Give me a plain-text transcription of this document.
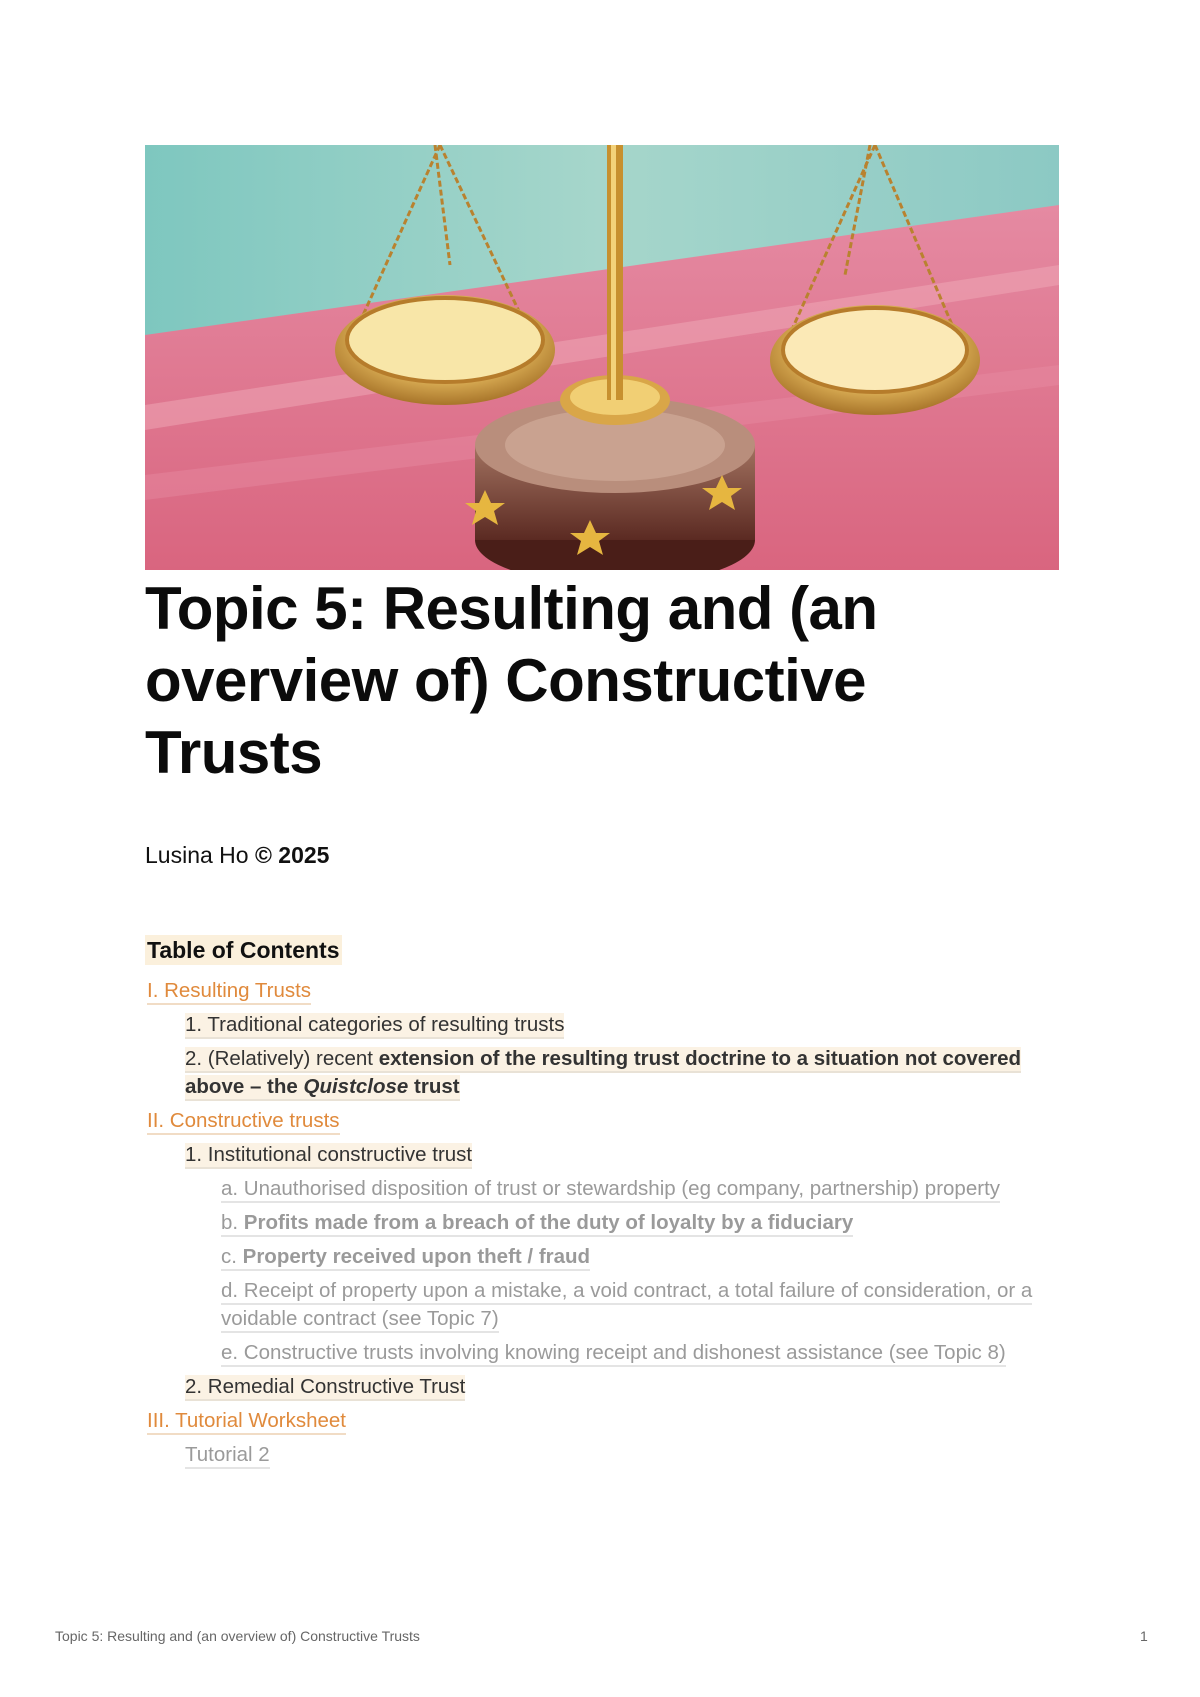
Topic 5: Resulting and (an overview of) Constructive Trusts
Lusina Ho © 2025
Table of Contents
I. Resulting Trusts
1. Traditional categories of resulting trusts
2. (Relatively) recent extension of the resulting trust doctrine to a situation not covered above – the Quistclose trust
II. Constructive trusts
1. Institutional constructive trust
a. Unauthorised disposition of trust or stewardship (eg company, partnership) property
b. Profits made from a breach of the duty of loyalty by a fiduciary
c. Property received upon theft / fraud
d. Receipt of property upon a mistake, a void contract, a total failure of consideration, or a voidable contract (see Topic 7)
e. Constructive trusts involving knowing receipt and dishonest assistance (see Topic 8)
2. Remedial Constructive Trust
III. Tutorial Worksheet
Tutorial 2
Topic 5: Resulting and (an overview of) Constructive Trusts	1
